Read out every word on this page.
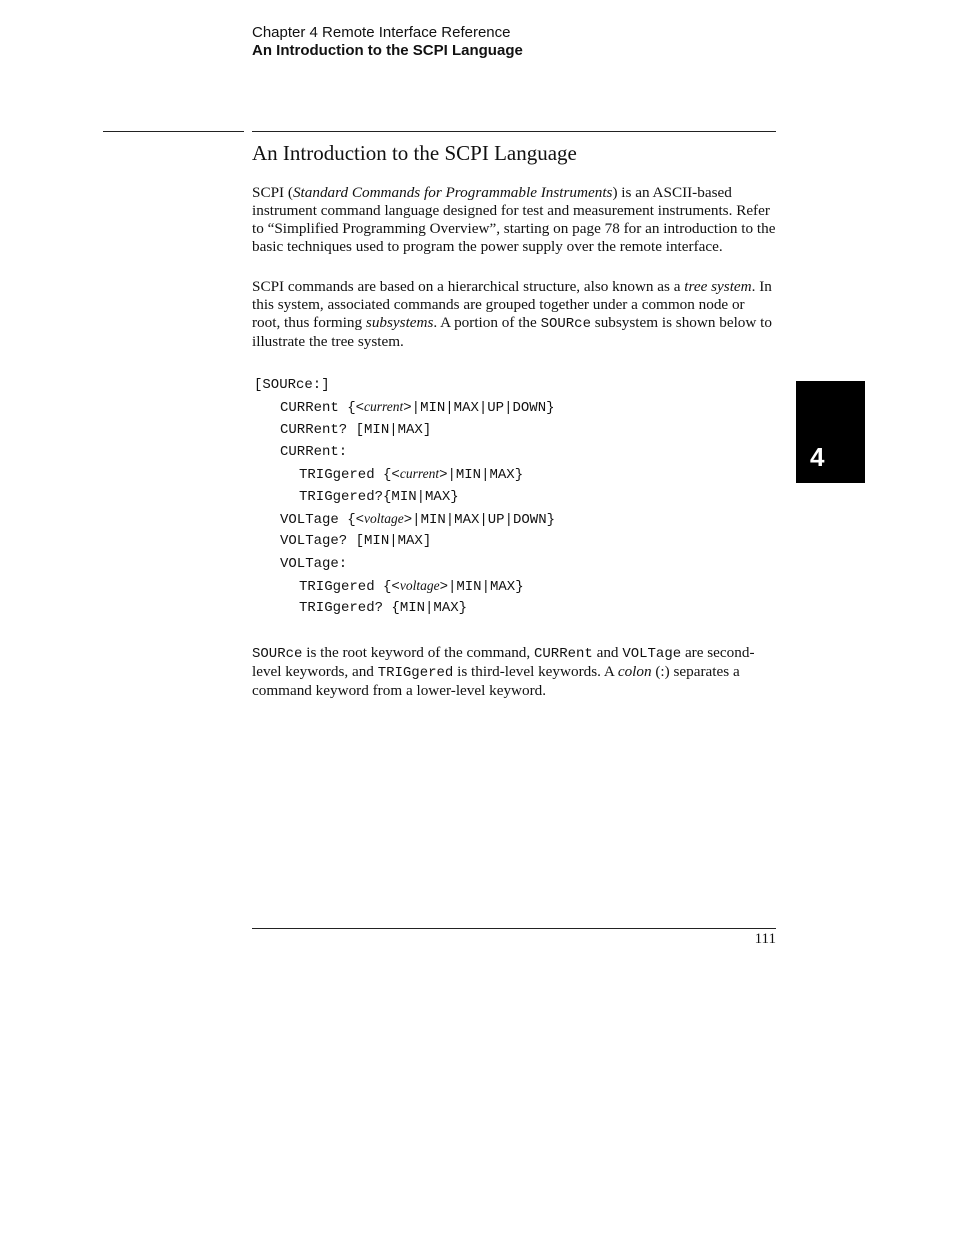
Chapter 4 Remote Interface Reference
An Introduction to the SCPI Language
An Introduction to the SCPI Language

SCPI (Standard Commands for Programmable Instruments) is an ASCII-based instrument command language designed for test and measurement instruments. Refer to “Simplified Programming Overview”, starting on page 78 for an introduction to the basic techniques used to program the power supply over the remote interface.

SCPI commands are based on a hierarchical structure, also known as a tree system. In this system, associated commands are grouped together under a common node or root, thus forming subsystems. A portion of the SOURce subsystem is shown below to illustrate the tree system.

[SOURce:]
CURRent {<current>|MIN|MAX|UP|DOWN}
CURRent? [MIN|MAX]
CURRent:
TRIGgered {<current>|MIN|MAX}
TRIGgered?{MIN|MAX}
VOLTage {<voltage>|MIN|MAX|UP|DOWN}
VOLTage? [MIN|MAX]
VOLTage:
TRIGgered {<voltage>|MIN|MAX}
TRIGgered? {MIN|MAX}

SOURce is the root keyword of the command, CURRent and VOLTage are second-level keywords, and TRIGgered is third-level keywords. A colon (:) separates a command keyword from a lower-level keyword.

4
111
